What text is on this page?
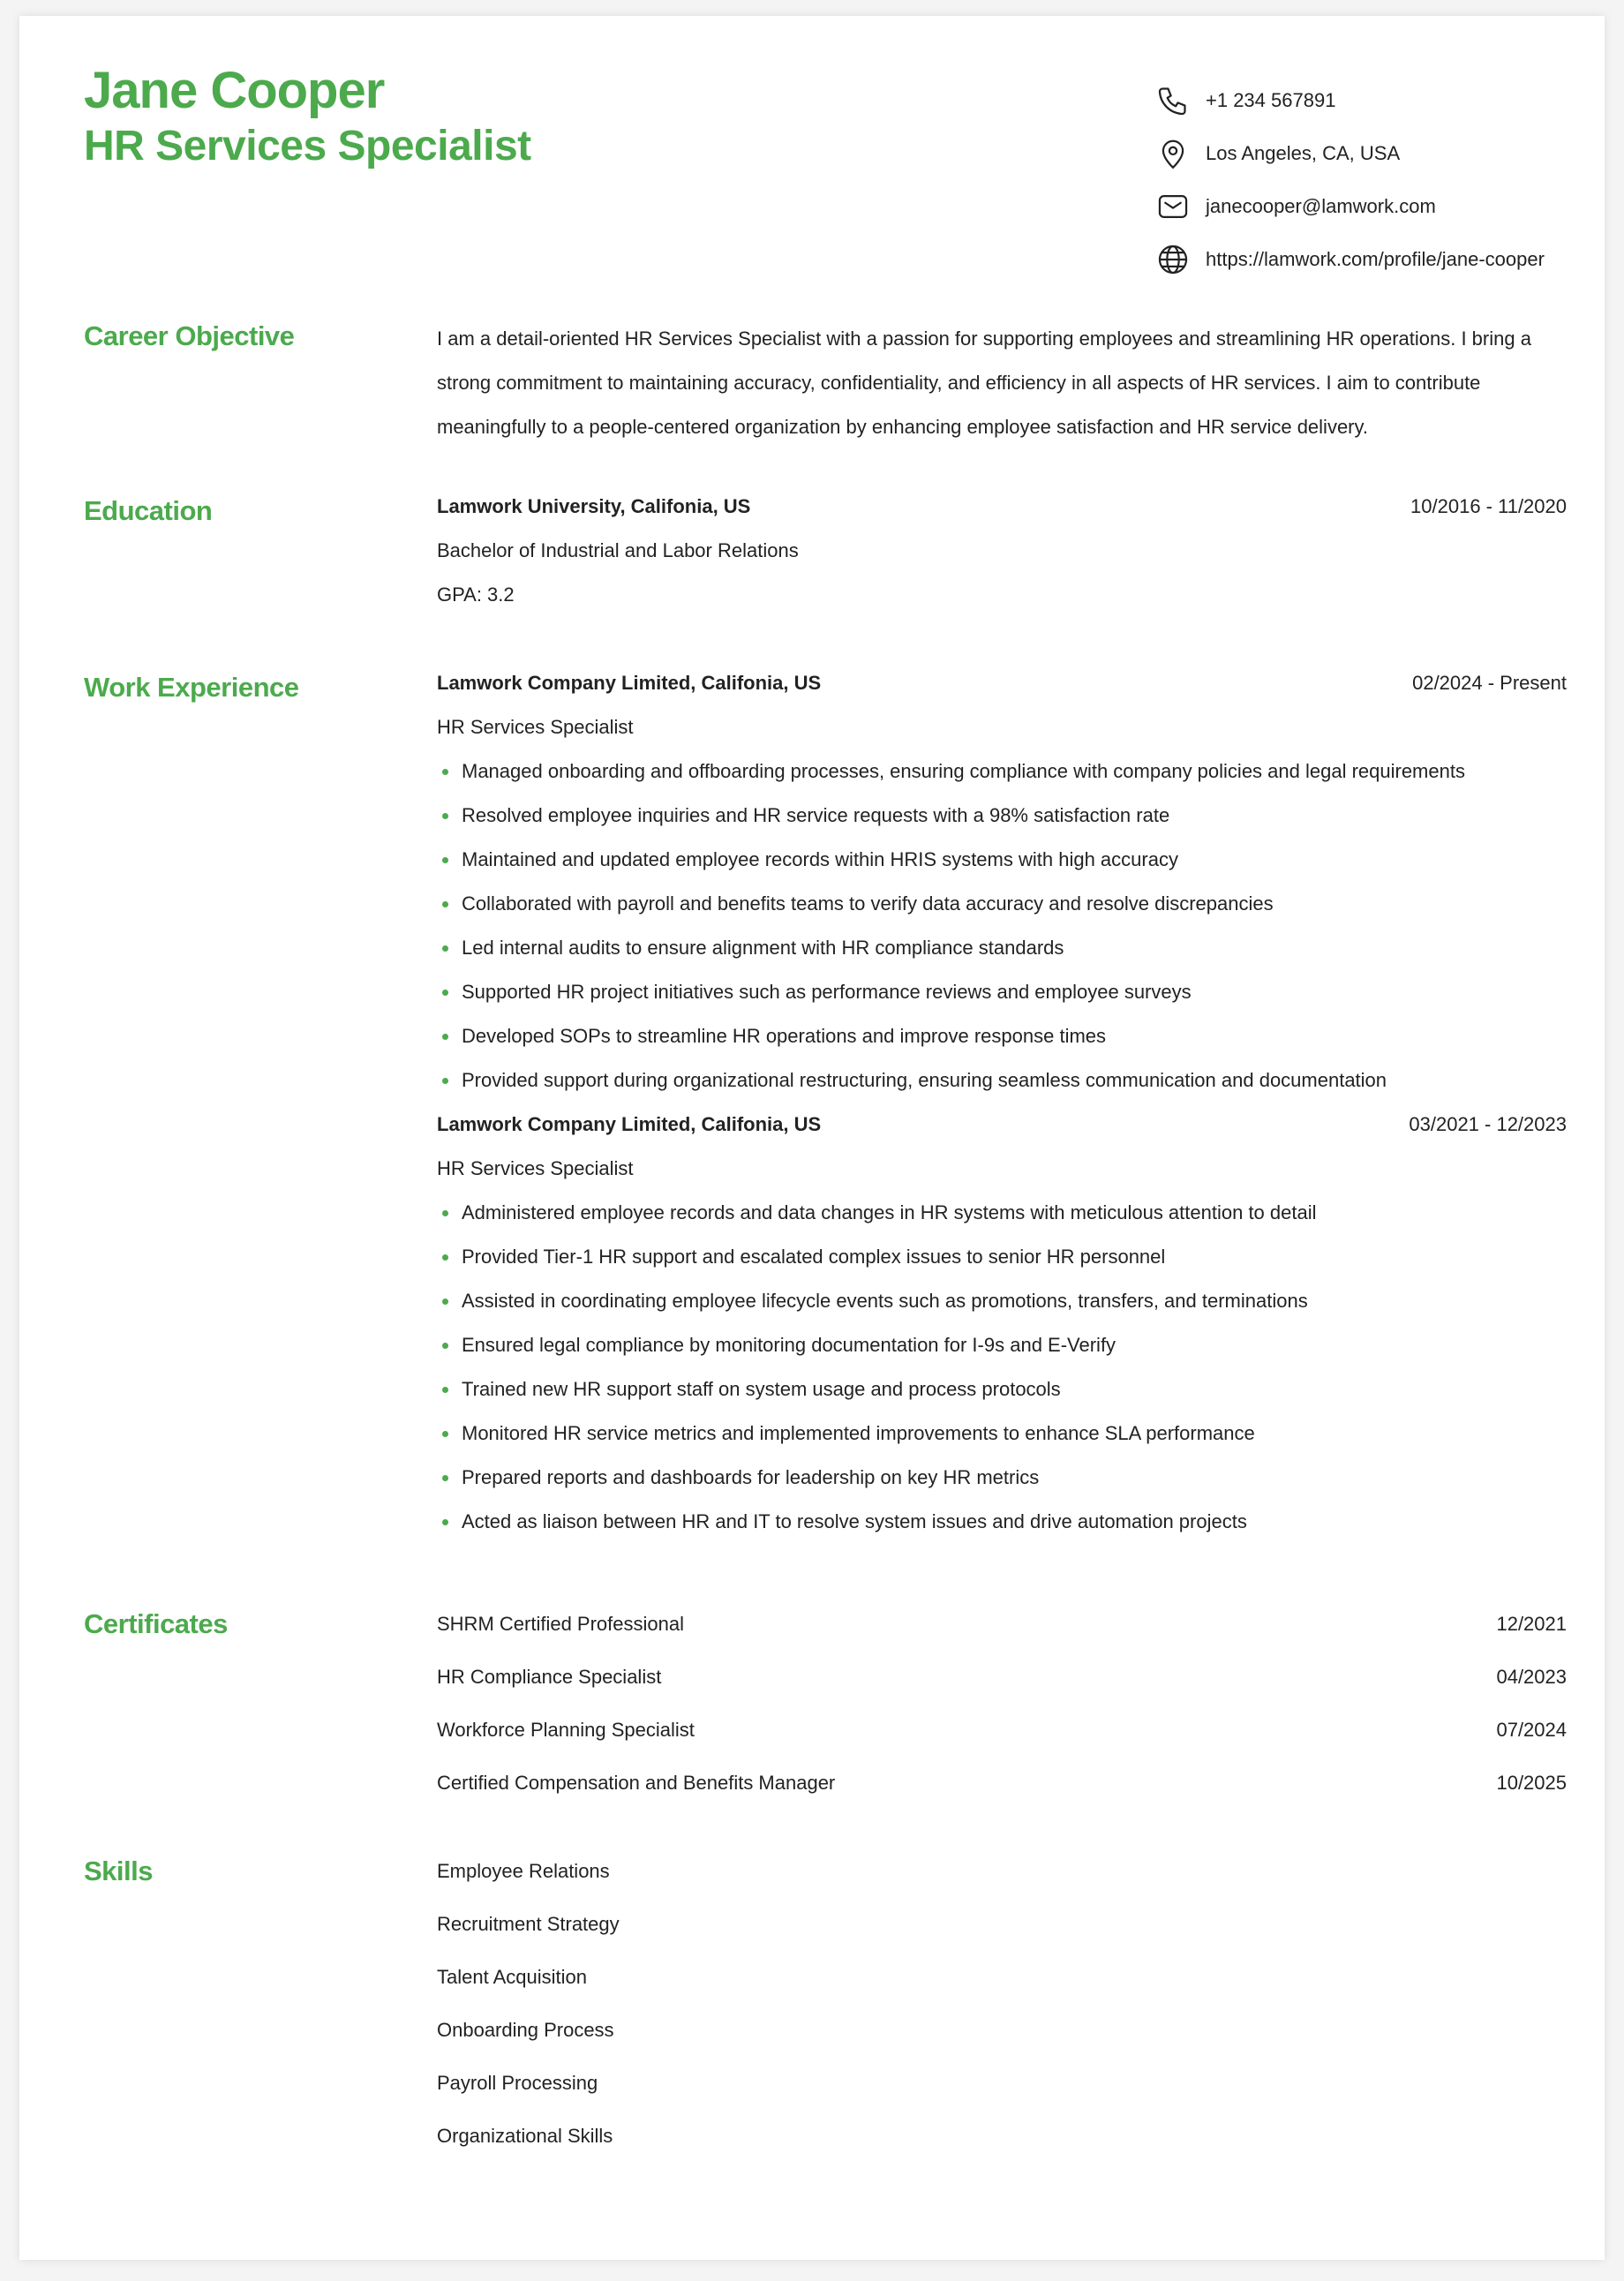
Jane Cooper
HR Services Specialist
+1 234 567891
Los Angeles, CA, USA
janecooper@lamwork.com
https://lamwork.com/profile/jane-cooper
Career Objective	I am a detail-oriented HR Services Specialist with a passion for supporting employees and streamlining HR operations. I bring a strong commitment to maintaining accuracy, confidentiality, and efficiency in all aspects of HR services. I aim to contribute meaningfully to a people-centered organization by enhancing employee satisfaction and HR service delivery.
Education	Lamwork University, Califonia, US	10/2016 - 11/2020
Bachelor of Industrial and Labor Relations
GPA: 3.2
Work Experience	Lamwork Company Limited, Califonia, US	02/2024 - Present
HR Services Specialist
Managed onboarding and offboarding processes, ensuring compliance with company policies and legal requirements
Resolved employee inquiries and HR service requests with a 98% satisfaction rate
Maintained and updated employee records within HRIS systems with high accuracy
Collaborated with payroll and benefits teams to verify data accuracy and resolve discrepancies
Led internal audits to ensure alignment with HR compliance standards
Supported HR project initiatives such as performance reviews and employee surveys
Developed SOPs to streamline HR operations and improve response times
Provided support during organizational restructuring, ensuring seamless communication and documentation
Lamwork Company Limited, Califonia, US	03/2021 - 12/2023
HR Services Specialist
Administered employee records and data changes in HR systems with meticulous attention to detail
Provided Tier-1 HR support and escalated complex issues to senior HR personnel
Assisted in coordinating employee lifecycle events such as promotions, transfers, and terminations
Ensured legal compliance by monitoring documentation for I-9s and E-Verify
Trained new HR support staff on system usage and process protocols
Monitored HR service metrics and implemented improvements to enhance SLA performance
Prepared reports and dashboards for leadership on key HR metrics
Acted as liaison between HR and IT to resolve system issues and drive automation projects
Certificates	SHRM Certified Professional	12/2021
HR Compliance Specialist	04/2023
Workforce Planning Specialist	07/2024
Certified Compensation and Benefits Manager	10/2025
Skills	Employee Relations
Recruitment Strategy
Talent Acquisition
Onboarding Process
Payroll Processing
Organizational Skills
